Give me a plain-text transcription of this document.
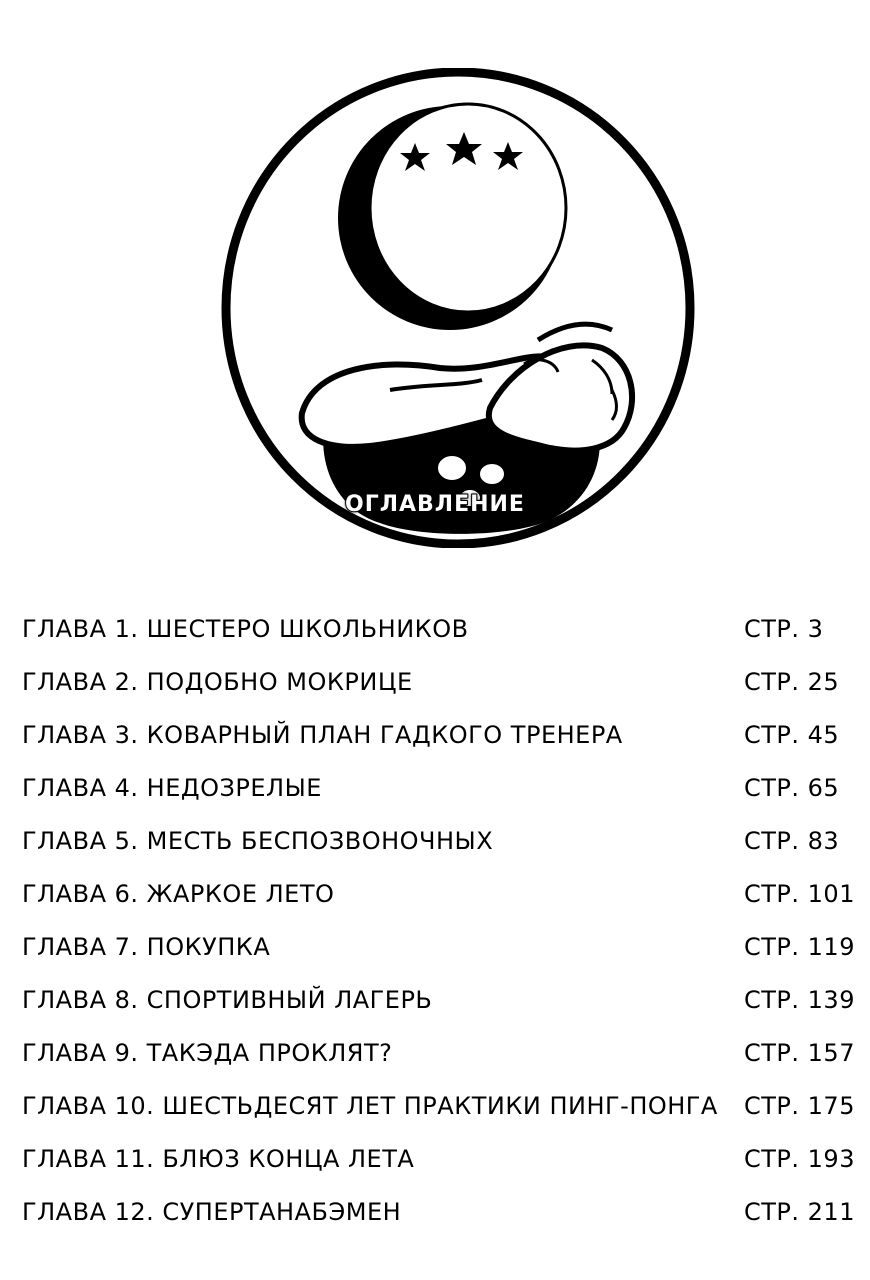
ОГЛАВЛЕНИЕ
ГЛАВА 1. ШЕСТЕРО ШКОЛЬНИКОВ	СТР. 3
ГЛАВА 2. ПОДОБНО МОКРИЦЕ	СТР. 25
ГЛАВА 3. КОВАРНЫЙ ПЛАН ГАДКОГО ТРЕНЕРА	СТР. 45
ГЛАВА 4. НЕДОЗРЕЛЫЕ	СТР. 65
ГЛАВА 5. МЕСТЬ БЕСПОЗВОНОЧНЫХ	СТР. 83
ГЛАВА 6. ЖАРКОЕ ЛЕТО	СТР. 101
ГЛАВА 7. ПОКУПКА	СТР. 119
ГЛАВА 8. СПОРТИВНЫЙ ЛАГЕРЬ	СТР. 139
ГЛАВА 9. ТАКЭДА ПРОКЛЯТ?	СТР. 157
ГЛАВА 10. ШЕСТЬДЕСЯТ ЛЕТ ПРАКТИКИ ПИНГ-ПОНГА СТР. 175
ГЛАВА 11. БЛЮЗ КОНЦА ЛЕТА	СТР. 193
ГЛАВА 12. СУПЕРТАНАБЭМЕН	СТР. 211
